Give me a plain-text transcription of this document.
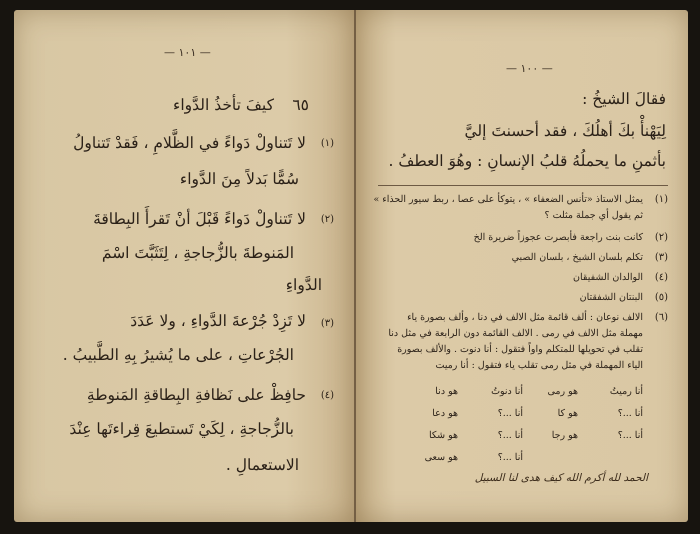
— ١٠١ —
كيفَ تأخذُ الدَّواء ٦٥
(١)
لا تَتناولْ دَواءً في الظَّلامِ ، فَقدْ تَتناولُ
سُمًّا بَدلاً مِنَ الدَّواء
(٢)
لا تَتناولْ دَواءً قَبْلَ أنْ تَقرأَ البِطاقةَ
المَنوطةَ بالزُّجاجةِ ، لِتَثَبَّتَ اسْمَ
الدَّواءِ
(٣)
لا تَزِدْ جُرْعةَ الدَّواءِ ، ولا عَدَدَ
الجُرْعاتِ ، على ما يُشيرُ بِهِ الطَّبيبُ .
(٤)
حافِظْ على نَظافةِ البِطاقةِ المَنوطةِ
بالزُّجاجةِ ، لِكَيْ تَستطيعَ قِراءتَها عِنْدَ
الاستعمالِ .
— ١٠٠ —
فقالَ الشيخُ :
لِيَهْنأْ بكَ أهلُكَ ، فقد أحسنتَ إليَّ
بأثمنِ ما يحملُهُ قلبُ الإنسانِ : وهُوَ العطفُ .
(١)
يمثل الاستاذ «تأنس الضعفاء » ، يتوكأ على عصا ، ربط سيور الحذاء »
ثم يقول أي جملة مثلت ؟
(٢)
كانت بنت راجعة فأبصرت عجوزاً ضريرة الخ
(٣)
تكلم بلسان الشيخ ، بلسان الصبي
(٤)
الوالدان الشفيقان
(٥)
البنتان الشفقتان
(٦)
الالف نوعان : ألف قائمة مثل الالف في دنا ، وألف بصورة ياء
مهملة مثل الالف في رمى . الالف القائمة دون الرابعة في مثل دنا
تقلب في تحويلها للمتكلم واواً فتقول : أنا دنوت . والألف بصورة
الياء المهملة في مثل رمى تقلب ياء فتقول : أنا رميت
هو دنا	أنا دنوتُ	هو رمى	أنا رميتُ
هو دعا	أنا ...؟	هو كا	أنا ...؟
هو شكا	أنا ...؟	هو رجا	أنا ...؟
هو سعى	أنا ...؟
الحمد لله أكرم الله كيف هدى لنا السبيل
